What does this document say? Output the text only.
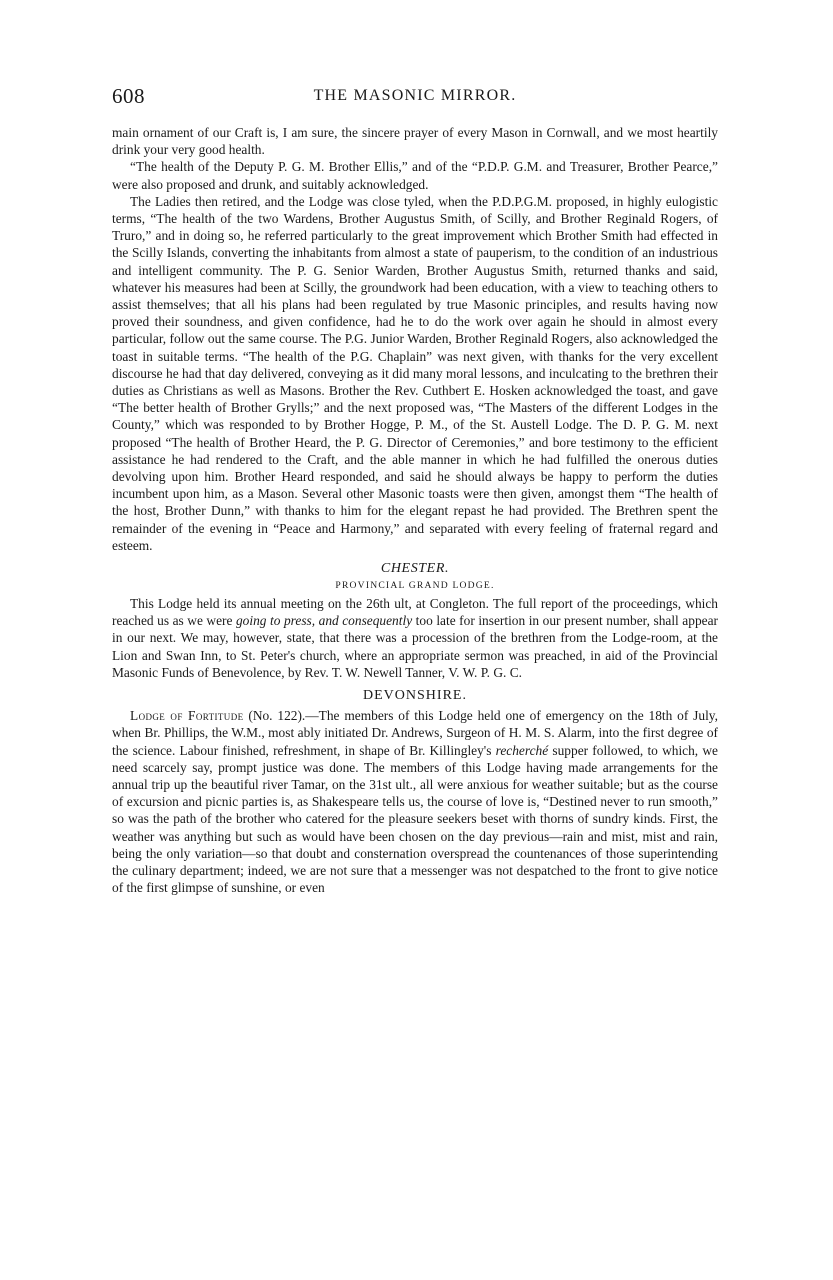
608	THE MASONIC MIRROR.

main ornament of our Craft is, I am sure, the sincere prayer of every Mason in Cornwall, and we most heartily drink your very good health.

“The health of the Deputy P. G. M. Brother Ellis,” and of the “P.D.P. G.M. and Treasurer, Brother Pearce,” were also proposed and drunk, and suitably acknowledged.

The Ladies then retired, and the Lodge was close tyled, when the P.D.P.G.M. proposed, in highly eulogistic terms, “The health of the two Wardens, Brother Augustus Smith, of Scilly, and Brother Reginald Rogers, of Truro,” and in doing so, he referred particularly to the great improvement which Brother Smith had effected in the Scilly Islands, converting the inhabitants from almost a state of pauperism, to the condition of an industrious and intelligent community. The P. G. Senior Warden, Brother Augustus Smith, returned thanks and said, whatever his measures had been at Scilly, the groundwork had been education, with a view to teaching others to assist themselves; that all his plans had been regulated by true Masonic principles, and results having now proved their soundness, and given confidence, had he to do the work over again he should in almost every particular, follow out the same course. The P.G. Junior Warden, Brother Reginald Rogers, also acknowledged the toast in suitable terms. “The health of the P.G. Chaplain” was next given, with thanks for the very excellent discourse he had that day delivered, conveying as it did many moral lessons, and inculcating to the brethren their duties as Christians as well as Masons. Brother the Rev. Cuthbert E. Hosken acknowledged the toast, and gave “The better health of Brother Grylls;” and the next proposed was, “The Masters of the different Lodges in the County,” which was responded to by Brother Hogge, P. M., of the St. Austell Lodge. The D. P. G. M. next proposed “The health of Brother Heard, the P. G. Director of Ceremonies,” and bore testimony to the efficient assistance he had rendered to the Craft, and the able manner in which he had fulfilled the onerous duties devolving upon him. Brother Heard responded, and said he should always be happy to perform the duties incumbent upon him, as a Mason. Several other Masonic toasts were then given, amongst them “The health of the host, Brother Dunn,” with thanks to him for the elegant repast he had provided. The Brethren spent the remainder of the evening in “Peace and Harmony,” and separated with every feeling of fraternal regard and esteem.

CHESTER.
PROVINCIAL GRAND LODGE.

This Lodge held its annual meeting on the 26th ult, at Congleton. The full report of the proceedings, which reached us as we were going to press, and consequently too late for insertion in our present number, shall appear in our next. We may, however, state, that there was a procession of the brethren from the Lodge-room, at the Lion and Swan Inn, to St. Peter's church, where an appropriate sermon was preached, in aid of the Provincial Masonic Funds of Benevolence, by Rev. T. W. Newell Tanner, V. W. P. G. C.

DEVONSHIRE.

Lodge of Fortitude (No. 122).—The members of this Lodge held one of emergency on the 18th of July, when Br. Phillips, the W.M., most ably initiated Dr. Andrews, Surgeon of H. M. S. Alarm, into the first degree of the science. Labour finished, refreshment, in shape of Br. Killingley's recherché supper followed, to which, we need scarcely say, prompt justice was done. The members of this Lodge having made arrangements for the annual trip up the beautiful river Tamar, on the 31st ult., all were anxious for weather suitable; but as the course of excursion and picnic parties is, as Shakespeare tells us, the course of love is, “Destined never to run smooth,” so was the path of the brother who catered for the pleasure seekers beset with thorns of sundry kinds. First, the weather was anything but such as would have been chosen on the day previous—rain and mist, mist and rain, being the only variation—so that doubt and consternation overspread the countenances of those superintending the culinary department; indeed, we are not sure that a messenger was not despatched to the front to give notice of the first glimpse of sunshine, or even
